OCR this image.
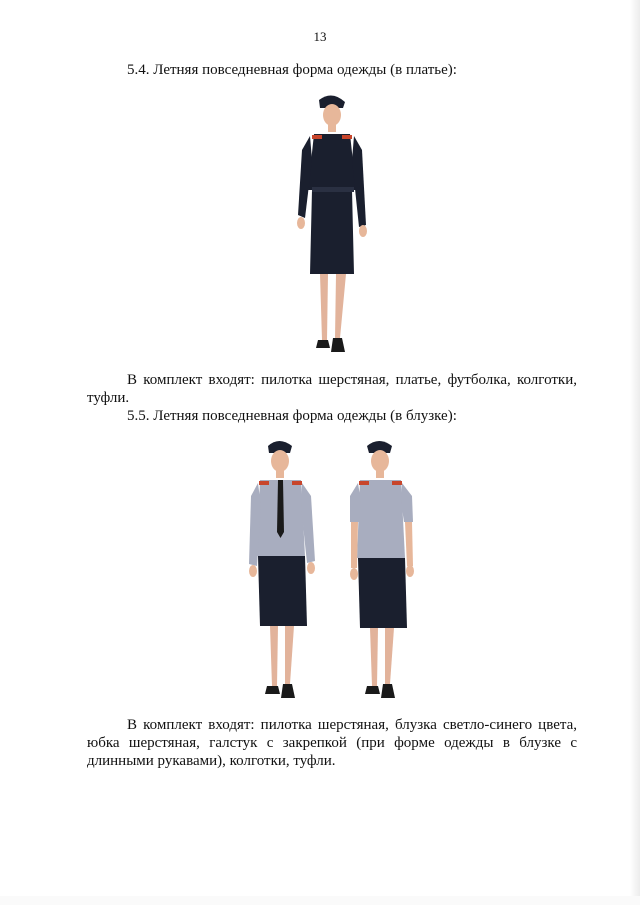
13
5.4. Летняя повседневная форма одежды (в платье):
В комплект входят: пилотка шерстяная, платье, футболка, колготки, туфли.
5.5. Летняя повседневная форма одежды (в блузке):
В комплект входят: пилотка шерстяная, блузка светло-синего цвета, юбка шерстяная, галстук с закрепкой (при форме одежды в блузке с длинными рукавами), колготки, туфли.
